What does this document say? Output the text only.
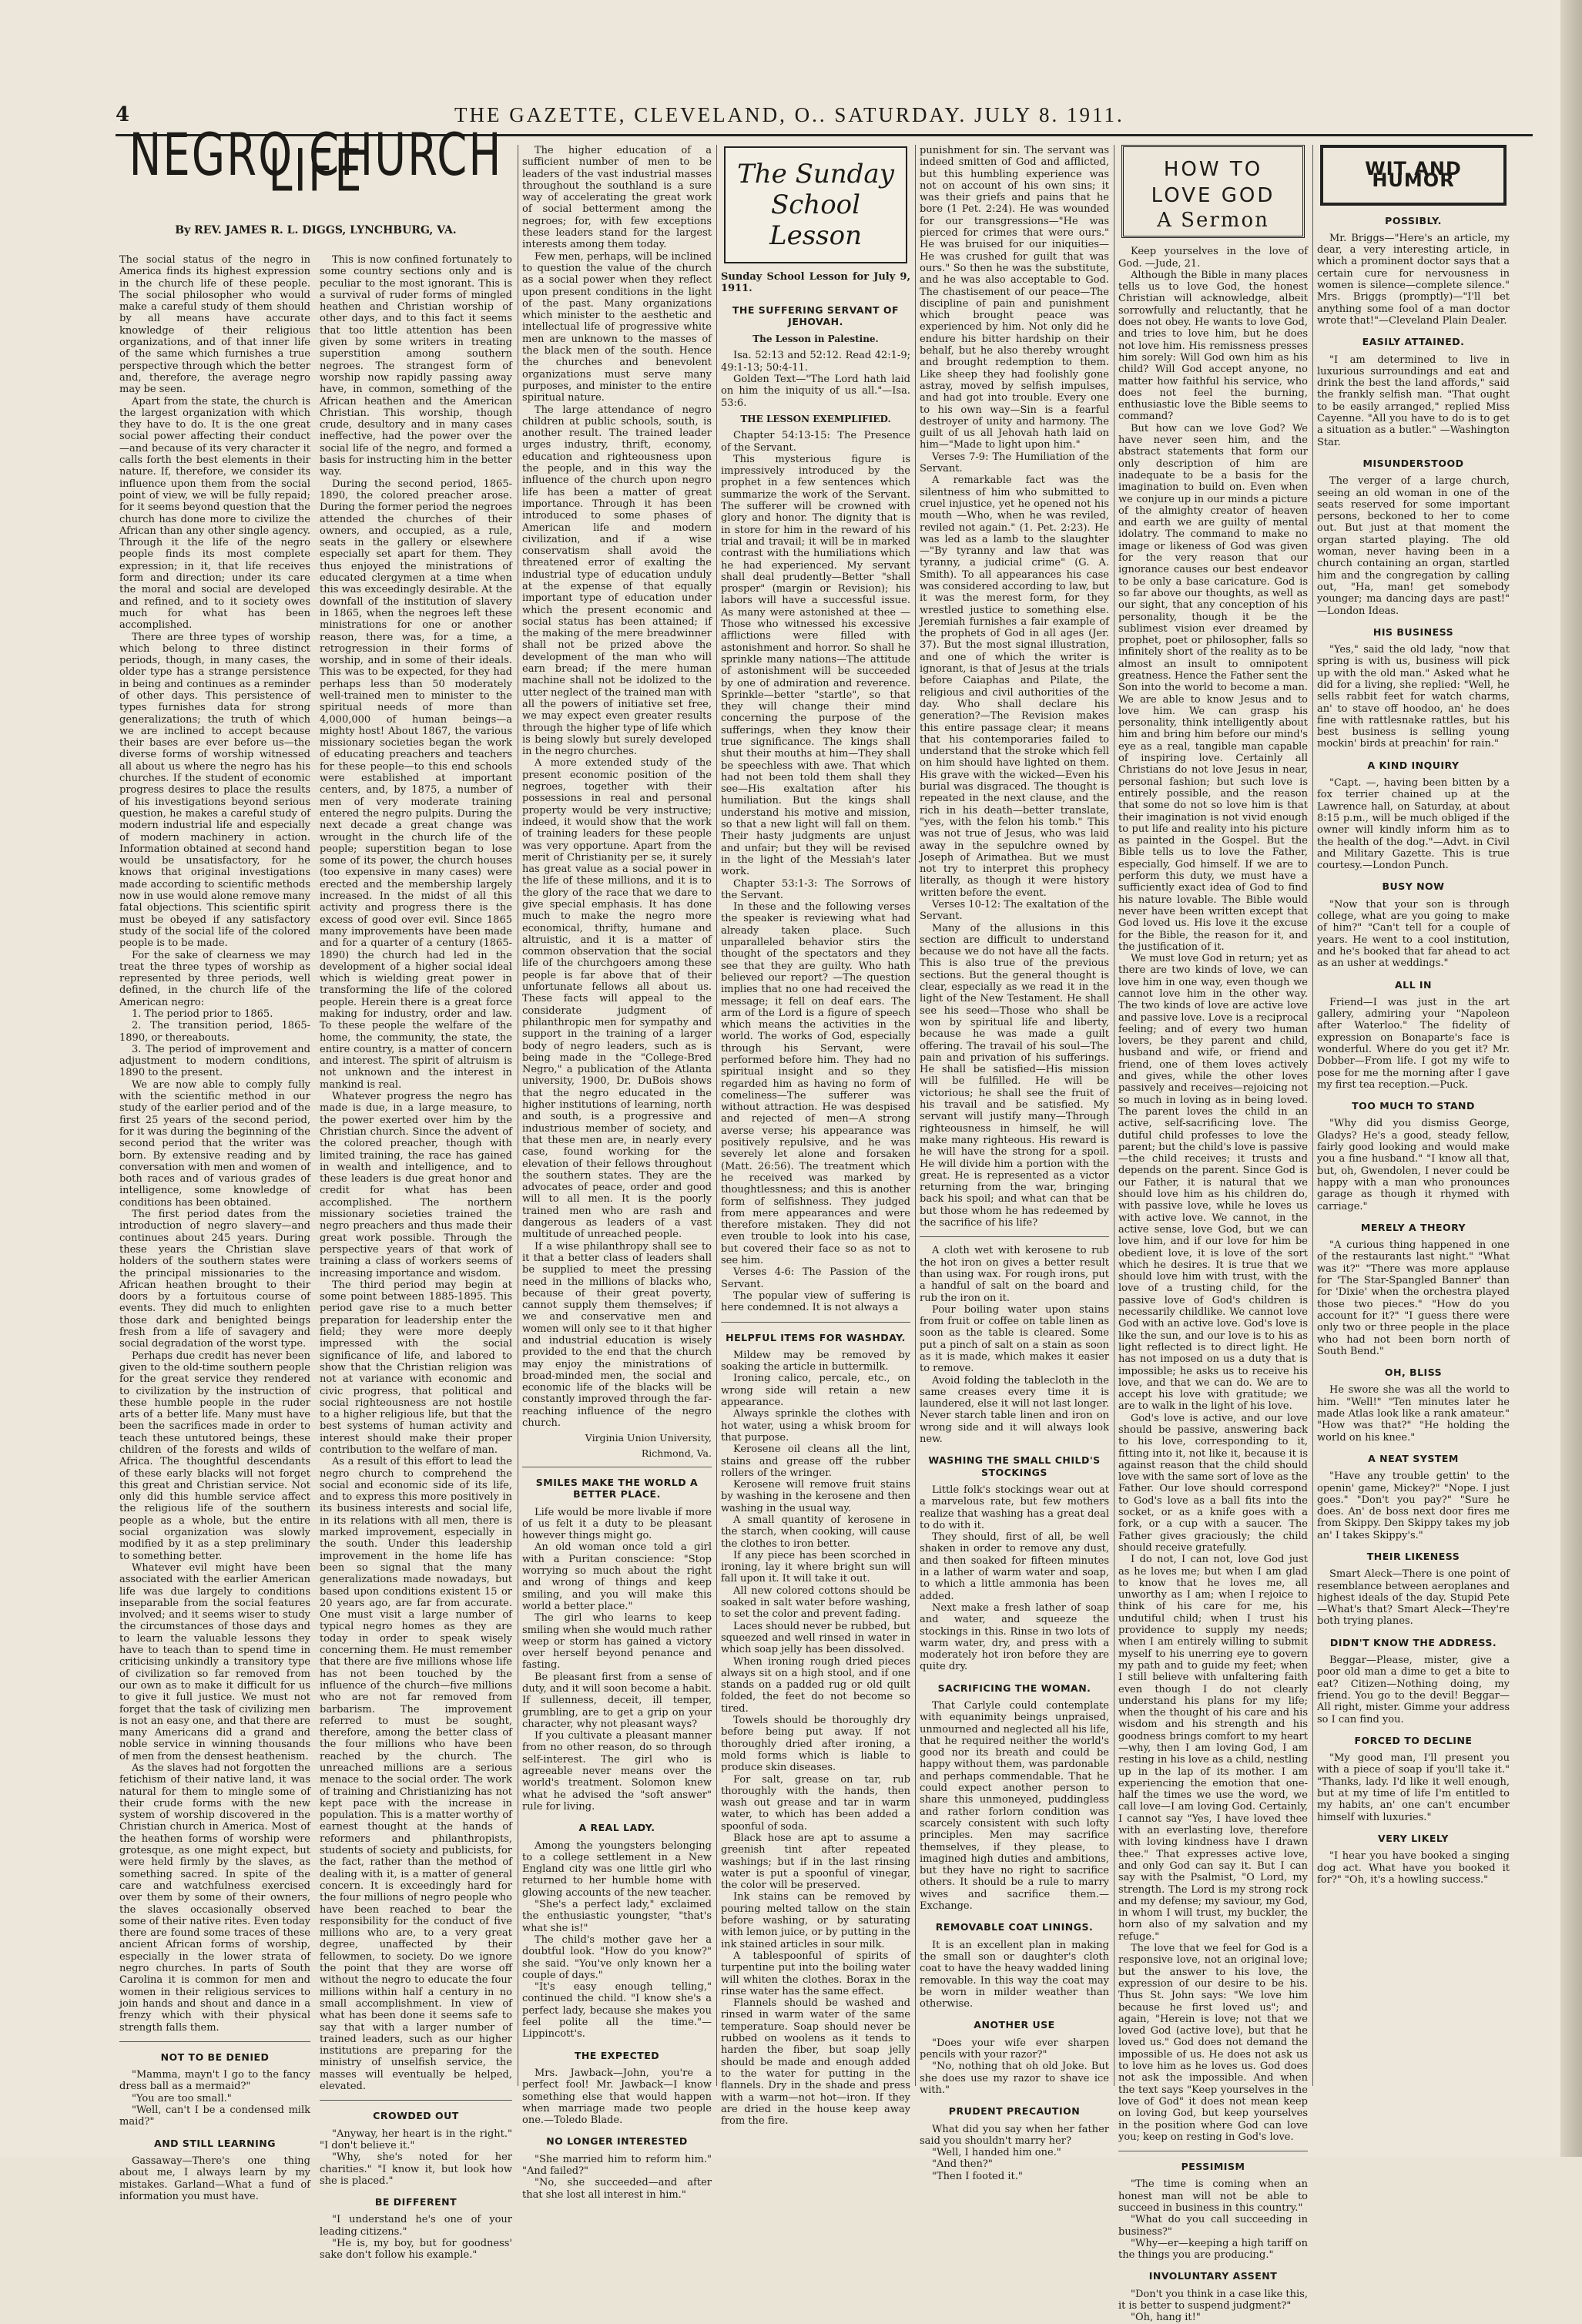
4	THE GAZETTE, CLEVELAND, O.. SATURDAY. JULY 8. 1911.
NEGRO CHURCH LIFE
By REV. JAMES R. L. DIGGS, LYNCHBURG, VA.

The social status of the negro in America finds its highest expression in the church life of these people. The social philosopher who would make a careful study of them should by all means have accurate knowledge of their religious organizations, and of that inner life of the same which furnishes a true perspective through which the better and, therefore, the average negro may be seen.

Apart from the state, the church is the largest organization with which they have to do. It is the one great social power affecting their conduct—and because of its very character it calls forth the best elements in their nature. If, therefore, we consider its influence upon them from the social point of view, we will be fully repaid; for it seems beyond question that the church has done more to civilize the African than any other single agency. Through it the life of the negro people finds its most complete expression; in it, that life receives form and direction; under its care the moral and social are developed and refined, and to it society owes much for what has been accomplished.

There are three types of worship which belong to three distinct periods, though, in many cases, the older type has a strange persistence in being and continues as a reminder of other days. This persistence of types furnishes data for strong generalizations; the truth of which we are inclined to accept because their bases are ever before us—the diverse forms of worship witnessed all about us where the negro has his churches. If the student of economic progress desires to place the results of his investigations beyond serious question, he makes a careful study of modern industrial life and especially of modern machinery in action. Information obtained at second hand would be unsatisfactory, for he knows that original investigations made according to scientific methods now in use would alone remove many fatal objections. This scientific spirit must be obeyed if any satisfactory study of the social life of the colored people is to be made.

For the sake of clearness we may treat the three types of worship as represented by three periods, well defined, in the church life of the American negro:

1. The period prior to 1865.

2. The transition period, 1865-1890, or thereabouts.

3. The period of improvement and adjustment to modern conditions, 1890 to the present.

We are now able to comply fully with the scientific method in our study of the earlier period and of the first 25 years of the second period, for it was during the beginning of the second period that the writer was born. By extensive reading and by conversation with men and women of both races and of various grades of intelligence, some knowledge of conditions has been obtained.

The first period dates from the introduction of negro slavery—and continues about 245 years. During these years the Christian slave holders of the southern states were the principal missionaries to the African heathen brought to their doors by a fortuitous course of events. They did much to enlighten those dark and benighted beings fresh from a life of savagery and social degradation of the worst type.

Perhaps due credit has never been given to the old-time southern people for the great service they rendered to civilization by the instruction of these humble people in the ruder arts of a better life. Many must have been the sacrifices made in order to teach these untutored beings, these children of the forests and wilds of Africa. The thoughtful descendants of these early blacks will not forget this great and Christian service. Not only did this humble service affect the religious life of the southern people as a whole, but the entire social organization was slowly modified by it as a step preliminary to something better.

Whatever evil might have been associated with the earlier American life was due largely to conditions inseparable from the social features involved; and it seems wiser to study the circumstances of those days and to learn the valuable lessons they have to teach than to spend time in criticising unkindly a transitory type of civilization so far removed from our own as to make it difficult for us to give it full justice. We must not forget that the task of civilizing men is not an easy one, and that there are many Americans did a grand and noble service in winning thousands of men from the densest heathenism.

As the slaves had not forgotten the fetichism of their native land, it was natural for them to mingle some of their crude forms with the new system of worship discovered in the Christian church in America. Most of the heathen forms of worship were grotesque, as one might expect, but were held firmly by the slaves, as something sacred. In spite of the care and watchfulness exercised over them by some of their owners, the slaves occasionally observed some of their native rites. Even today there are found some traces of these ancient African forms of worship, especially in the lower strata of negro churches. In parts of South Carolina it is common for men and women in their religious services to join hands and shout and dance in a frenzy which with their physical strength falls them.

NOT TO BE DENIED

"Mamma, mayn't I go to the fancy dress ball as a mermaid?"

"You are too small."

"Well, can't I be a condensed milk maid?"

AND STILL LEARNING

Gassaway—There's one thing about me, I always learn by my mistakes. Garland—What a fund of information you must have.

This is now confined fortunately to some country sections only and is peculiar to the most ignorant. This is a survival of ruder forms of mingled heathen and Christian worship of other days, and to this fact it seems that too little attention has been given by some writers in treating superstition among southern negroes. The strangest form of worship now rapidly passing away have, in common, something of the African heathen and the American Christian. This worship, though crude, desultory and in many cases ineffective, had the power over the social life of the negro, and formed a basis for instructing him in the better way.

During the second period, 1865-1890, the colored preacher arose. During the former period the negroes attended the churches of their owners, and occupied, as a rule, seats in the gallery or elsewhere especially set apart for them. They thus enjoyed the ministrations of educated clergymen at a time when this was exceedingly desirable. At the downfall of the institution of slavery in 1865, when the negroes left these ministrations for one or another reason, there was, for a time, a retrogression in their forms of worship, and in some of their ideals. This was to be expected, for they had perhaps less than 50 moderately well-trained men to minister to the spiritual needs of more than 4,000,000 of human beings—a mighty host! About 1867, the various missionary societies began the work of educating preachers and teachers for these people—to this end schools were established at important centers, and, by 1875, a number of men of very moderate training entered the negro pulpits. During the next decade a great change was wrought in the church life of the people; superstition began to lose some of its power, the church houses (too expensive in many cases) were erected and the membership largely increased. In the midst of all this activity and progress there is the excess of good over evil. Since 1865 many improvements have been made and for a quarter of a century (1865-1890) the church had led in the development of a higher social ideal which is wielding great power in transforming the life of the colored people. Herein there is a great force making for industry, order and law. To these people the welfare of the home, the community, the state, the entire country, is a matter of concern and interest. The spirit of altruism is not unknown and the interest in mankind is real.

Whatever progress the negro has made is due, in a large measure, to the power exerted over him by the Christian church. Since the advent of the colored preacher, though with limited training, the race has gained in wealth and intelligence, and to these leaders is due great honor and credit for what has been accomplished. The northern missionary societies trained the negro preachers and thus made their great work possible. Through the perspective years of that work of training a class of workers seems of increasing importance and wisdom.

The third period may begin at some point between 1885-1895. This period gave rise to a much better preparation for leadership enter the field; they were more deeply impressed with the social significance of life, and labored to show that the Christian religion was not at variance with economic and civic progress, that political and social righteousness are not hostile to a higher religious life, but that the best systems of human activity and interest should make their proper contribution to the welfare of man.

As a result of this effort to lead the negro church to comprehend the social and economic side of its life, and to express this more positively in its business interests and social life, in its relations with all men, there is marked improvement, especially in the south. Under this leadership improvement in the home life has been so signal that the many generalizations made nowadays, but based upon conditions existent 15 or 20 years ago, are far from accurate. One must visit a large number of typical negro homes as they are today in order to speak wisely concerning them. He must remember that there are five millions whose life has not been touched by the influence of the church—five millions who are not far removed from barbarism. The improvement referred to must be sought, therefore, among the better class of the four millions who have been reached by the church. The unreached millions are a serious menace to the social order. The work of training and Christianizing has not kept pace with the increase in population. This is a matter worthy of earnest thought at the hands of reformers and philanthropists, students of society and publicists, for the fact, rather than the method of dealing with it, is a matter of general concern. It is exceedingly hard for the four millions of negro people who have been reached to bear the responsibility for the conduct of five millions who are, to a very great degree, unaffected by their fellowmen, to society. Do we ignore the point that they are worse off without the negro to educate the four millions within half a century in no small accomplishment. In view of what has been done it seems safe to say that with a larger number of trained leaders, such as our higher institutions are preparing for the ministry of unselfish service, the masses will eventually be helped, elevated.

CROWDED OUT

"Anyway, her heart is in the right." "I don't believe it."

"Why, she's noted for her charities." "I know it, but look how she is placed."

BE DIFFERENT

"I understand he's one of your leading citizens."

"He is, my boy, but for goodness' sake don't follow his example."

The higher education of a sufficient number of men to be leaders of the vast industrial masses throughout the southland is a sure way of accelerating the great work of social betterment among the negroes; for, with few exceptions these leaders stand for the largest interests among them today.

Few men, perhaps, will be inclined to question the value of the church as a social power when they reflect upon present conditions in the light of the past. Many organizations which minister to the aesthetic and intellectual life of progressive white men are unknown to the masses of the black men of the south. Hence the churches and benevolent organizations must serve many purposes, and minister to the entire spiritual nature.

The large attendance of negro children at public schools, south, is another result. The trained leader urges industry, thrift, economy, education and righteousness upon the people, and in this way the influence of the church upon negro life has been a matter of great importance. Through it has been introduced to some phases of American life and modern civilization, and if a wise conservatism shall avoid the threatened error of exalting the industrial type of education unduly at the expense of that equally important type of education under which the present economic and social status has been attained; if the making of the mere breadwinner shall not be prized above the development of the man who will earn bread; if the mere human machine shall not be idolized to the utter neglect of the trained man with all the powers of initiative set free, we may expect even greater results through the higher type of life which is being slowly but surely developed in the negro churches.

A more extended study of the present economic position of the negroes, together with their possessions in real and personal property would be very instructive; indeed, it would show that the work of training leaders for these people was very opportune. Apart from the merit of Christianity per se, it surely has great value as a social power in the life of these millions, and it is to the glory of the race that we dare to give special emphasis. It has done much to make the negro more economical, thrifty, humane and altruistic, and it is a matter of common observation that the social life of the churchgoers among these people is far above that of their unfortunate fellows all about us. These facts will appeal to the considerate judgment of philanthropic men for sympathy and support in the training of a larger body of negro leaders, such as is being made in the "College-Bred Negro," a publication of the Atlanta university, 1900, Dr. DuBois shows that the negro educated in the higher institutions of learning, north and south, is a progressive and industrious member of society, and that these men are, in nearly every case, found working for the elevation of their fellows throughout the southern states. They are the advocates of peace, order and good will to all men. It is the poorly trained men who are rash and dangerous as leaders of a vast multitude of unreached people.

If a wise philanthropy shall see to it that a better class of leaders shall be supplied to meet the pressing need in the millions of blacks who, because of their great poverty, cannot supply them themselves; if we and conservative men and women will only see to it that higher and industrial education is wisely provided to the end that the church may enjoy the ministrations of broad-minded men, the social and economic life of the blacks will be constantly improved through the far-reaching influence of the negro church.

Virginia Union University,
Richmond, Va.
SMILES MAKE THE WORLD A BETTER PLACE.

Life would be more livable if more of us felt it a duty to be pleasant however things might go.

An old woman once told a girl with a Puritan conscience: "Stop worrying so much about the right and wrong of things and keep smiling, and you will make this world a better place."

The girl who learns to keep smiling when she would much rather weep or storm has gained a victory over herself beyond penance and fasting.

Be pleasant first from a sense of duty, and it will soon become a habit. If sullenness, deceit, ill temper, grumbling, are to get a grip on your character, why not pleasant ways?

If you cultivate a pleasant manner from no other reason, do so through self-interest. The girl who is agreeable never means over the world's treatment. Solomon knew what he advised the "soft answer" rule for living.

A REAL LADY.

Among the youngsters belonging to a college settlement in a New England city was one little girl who returned to her humble home with glowing accounts of the new teacher.

"She's a perfect lady," exclaimed the enthusiastic youngster, "that's what she is!"

The child's mother gave her a doubtful look. "How do you know?" she said. "You've only known her a couple of days."

"It's easy enough telling," continued the child. "I know she's a perfect lady, because she makes you feel polite all the time."—Lippincott's.

THE EXPECTED

Mrs. Jawback—John, you're a perfect fool! Mr. Jawback—I know something else that would happen when marriage made two people one.—Toledo Blade.

NO LONGER INTERESTED

"She married him to reform him." "And failed?"

"No, she succeeded—and after that she lost all interest in him."

The Sunday School Lesson

Sunday School Lesson for July 9, 1911.

THE SUFFERING SERVANT OF JEHOVAH.
The Lesson in Palestine.

Isa. 52:13 and 52:12. Read 42:1-9; 49:1-13; 50:4-11.

Golden Text—"The Lord hath laid on him the iniquity of us all."—Isa. 53:6.

THE LESSON EXEMPLIFIED.

Chapter 54:13-15: The Presence of the Servant.

This mysterious figure is impressively introduced by the prophet in a few sentences which summarize the work of the Servant. The sufferer will be crowned with glory and honor. The dignity that is in store for him in the reward of his trial and travail; it will be in marked contrast with the humiliations which he had experienced. My servant shall deal prudently—Better "shall prosper" (margin or Revision); his labors will have a successful issue. As many were astonished at thee —Those who witnessed his excessive afflictions were filled with astonishment and horror. So shall he sprinkle many nations—The attitude of astonishment will be succeeded by one of admiration and reverence. Sprinkle—better "startle", so that they will change their mind concerning the purpose of the sufferings, when they know their true significance. The kings shall shut their mouths at him—They shall be speechless with awe. That which had not been told them shall they see—His exaltation after his humiliation. But the kings shall understand his motive and mission, so that a new light will fall on them. Their hasty judgments are unjust and unfair; but they will be revised in the light of the Messiah's later work.

Chapter 53:1-3: The Sorrows of the Servant.

In these and the following verses the speaker is reviewing what had already taken place. Such unparalleled behavior stirs the thought of the spectators and they see that they are guilty. Who hath believed our report? —The question implies that no one had received the message; it fell on deaf ears. The arm of the Lord is a figure of speech which means the activities in the world. The works of God, especially through his Servant, were performed before him. They had no spiritual insight and so they regarded him as having no form of comeliness—The sufferer was without attraction. He was despised and rejected of men—A strong averse verse; his appearance was positively repulsive, and he was severely let alone and forsaken (Matt. 26:56). The treatment which he received was marked by thoughtlessness; and this is another form of selfishness. They judged from mere appearances and were therefore mistaken. They did not even trouble to look into his case, but covered their face so as not to see him.

Verses 4-6: The Passion of the Servant.

The popular view of suffering is here condemned. It is not always a

HELPFUL ITEMS FOR WASHDAY.

Mildew may be removed by soaking the article in buttermilk.

Ironing calico, percale, etc., on wrong side will retain a new appearance.

Always sprinkle the clothes with hot water, using a whisk broom for that purpose.

Kerosene oil cleans all the lint, stains and grease off the rubber rollers of the wringer.

Kerosene will remove fruit stains by washing in the kerosene and then washing in the usual way.

A small quantity of kerosene in the starch, when cooking, will cause the clothes to iron better.

If any piece has been scorched in ironing, lay it where bright sun will fall upon it. It will take it out.

All new colored cottons should be soaked in salt water before washing, to set the color and prevent fading.

Laces should never be rubbed, but squeezed and well rinsed in water in which soap jelly has been dissolved.

When ironing rough dried pieces always sit on a high stool, and if one stands on a padded rug or old quilt folded, the feet do not become so tired.

Towels should be thoroughly dry before being put away. If not thoroughly dried after ironing, a mold forms which is liable to produce skin diseases.

For salt, grease on tar, rub thoroughly with the hands, then wash out grease and tar in warm water, to which has been added a spoonful of soda.

Black hose are apt to assume a greenish tint after repeated washings; but if in the last rinsing water is put a spoonful of vinegar, the color will be preserved.

Ink stains can be removed by pouring melted tallow on the stain before washing, or by saturating with lemon juice, or by putting in the ink stained articles in sour milk.

A tablespoonful of spirits of turpentine put into the boiling water will whiten the clothes. Borax in the rinse water has the same effect.

Flannels should be washed and rinsed in warm water of the same temperature. Soap should never be rubbed on woolens as it tends to harden the fiber, but soap jelly should be made and enough added to the water for putting in the flannels. Dry in the shade and press with a warm—not hot—iron. If they are dried in the house keep away from the fire.

punishment for sin. The servant was indeed smitten of God and afflicted, but this humbling experience was not on account of his own sins; it was their griefs and pains that he bore (1 Pet. 2:24). He was wounded for our transgressions—"He was pierced for crimes that were ours." He was bruised for our iniquities—He was crushed for guilt that was ours." So then he was the substitute, and he was also acceptable to God. The chastisement of our peace—The discipline of pain and punishment which brought peace was experienced by him. Not only did he endure his bitter hardship on their behalf, but he also thereby wrought and brought redemption to them. Like sheep they had foolishly gone astray, moved by selfish impulses, and had got into trouble. Every one to his own way—Sin is a fearful destroyer of unity and harmony. The guilt of us all Jehovah hath laid on him—"Made to light upon him."

Verses 7-9: The Humiliation of the Servant.

A remarkable fact was the silentness of him who submitted to cruel injustice, yet he opened not his mouth —Who, when he was reviled, reviled not again." (1. Pet. 2:23). He was led as a lamb to the slaughter —"By tyranny and law that was tyranny, a judicial crime" (G. A. Smith). To all appearances his case was considered according to law, but it was the merest form, for they wrestled justice to something else. Jeremiah furnishes a fair example of the prophets of God in all ages (Jer. 37). But the most signal illustration, and one of which the writer is ignorant, is that of Jesus at the trials before Caiaphas and Pilate, the religious and civil authorities of the day. Who shall declare his generation?—The Revision makes this entire passage clear; it means that his contemporaries failed to understand that the stroke which fell on him should have lighted on them. His grave with the wicked—Even his burial was disgraced. The thought is repeated in the next clause, and the rich in his death—better translate, "yes, with the felon his tomb." This was not true of Jesus, who was laid away in the sepulchre owned by Joseph of Arimathea. But we must not try to interpret this prophecy literally, as though it were history written before the event.

Verses 10-12: The exaltation of the Servant.

Many of the allusions in this section are difficult to understand because we do not have all the facts. This is also true of the previous sections. But the general thought is clear, especially as we read it in the light of the New Testament. He shall see his seed—Those who shall be won by spiritual life and liberty, because he was made a guilt offering. The travail of his soul—The pain and privation of his sufferings. He shall be satisfied—His mission will be fulfilled. He will be victorious; he shall see the fruit of his travail and be satisfied. My servant will justify many—Through righteousness in himself, he will make many righteous. His reward is he will have the strong for a spoil. He will divide him a portion with the great. He is represented as a victor returning from the war, bringing back his spoil; and what can that be but those whom he has redeemed by the sacrifice of his life?

A cloth wet with kerosene to rub the hot iron on gives a better result than using wax. For rough irons, put a handful of salt on the board and rub the iron on it.

Pour boiling water upon stains from fruit or coffee on table linen as soon as the table is cleared. Some put a pinch of salt on a stain as soon as it is made, which makes it easier to remove.

Avoid folding the tablecloth in the same creases every time it is laundered, else it will not last longer. Never starch table linen and iron on wrong side and it will always look new.

WASHING THE SMALL CHILD'S STOCKINGS

Little folk's stockings wear out at a marvelous rate, but few mothers realize that washing has a great deal to do with it.

They should, first of all, be well shaken in order to remove any dust, and then soaked for fifteen minutes in a lather of warm water and soap, to which a little ammonia has been added.

Next make a fresh lather of soap and water, and squeeze the stockings in this. Rinse in two lots of warm water, dry, and press with a moderately hot iron before they are quite dry.

SACRIFICING THE WOMAN.

That Carlyle could contemplate with equanimity beings unpraised, unmourned and neglected all his life, that he required neither the world's good nor its breath and could be happy without them, was pardonable and perhaps commendable. That he could expect another person to share this unmoneyed, puddingless and rather forlorn condition was scarcely consistent with such lofty principles. Men may sacrifice themselves, if they please, to imagined high duties and ambitions, but they have no right to sacrifice others. It should be a rule to marry wives and sacrifice them.—Exchange.

REMOVABLE COAT LININGS.

It is an excellent plan in making the small son or daughter's cloth coat to have the heavy wadded lining removable. In this way the coat may be worn in milder weather than otherwise.

ANOTHER USE

"Does your wife ever sharpen pencils with your razor?"

"No, nothing that oh old Joke. But she does use my razor to shave ice with."

PRUDENT PRECAUTION

What did you say when her father said you shouldn't marry her?

"Well, I handed him one."

"And then?"

"Then I footed it."

HOW TO
LOVE GOD
A Sermon

Keep yourselves in the love of God. —Jude, 21.

Although the Bible in many places tells us to love God, the honest Christian will acknowledge, albeit sorrowfully and reluctantly, that he does not obey. He wants to love God, and tries to love him, but he does not love him. His remissness presses him sorely: Will God own him as his child? Will God accept anyone, no matter how faithful his service, who does not feel the burning, enthusiastic love the Bible seems to command?

But how can we love God? We have never seen him, and the abstract statements that form our only description of him are inadequate to be a basis for the imagination to build on. Even when we conjure up in our minds a picture of the almighty creator of heaven and earth we are guilty of mental idolatry. The command to make no image or likeness of God was given for the very reason that our ignorance causes our best endeavor to be only a base caricature. God is so far above our thoughts, as well as our sight, that any conception of his personality, though it be the sublimest vision ever dreamed by prophet, poet or philosopher, falls so infinitely short of the reality as to be almost an insult to omnipotent greatness. Hence the Father sent the Son into the world to become a man. We are able to know Jesus and to love him. We can grasp his personality, think intelligently about him and bring him before our mind's eye as a real, tangible man capable of inspiring love. Certainly all Christians do not love Jesus in near, personal fashion; but such love is entirely possible, and the reason that some do not so love him is that their imagination is not vivid enough to put life and reality into his picture as painted in the Gospel. But the Bible tells us to love the Father, especially, God himself. If we are to perform this duty, we must have a sufficiently exact idea of God to find his nature lovable. The Bible would never have been written except that God loved us. His love it the excuse for the Bible, the reason for it, and the justification of it.

We must love God in return; yet as there are two kinds of love, we can love him in one way, even though we cannot love him in the other way. The two kinds of love are active love and passive love. Love is a reciprocal feeling; and of every two human lovers, be they parent and child, husband and wife, or friend and friend, one of them loves actively and gives, while the other loves passively and receives—rejoicing not so much in loving as in being loved. The parent loves the child in an active, self-sacrificing love. The dutiful child professes to love the parent; but the child's love is passive—the child receives; it trusts and depends on the parent. Since God is our Father, it is natural that we should love him as his children do, with passive love, while he loves us with active love. We cannot, in the active sense, love God, but we can love him, and if our love for him be obedient love, it is love of the sort which he desires. It is true that we should love him with trust, with the love of a trusting child, for the passive love of God's children is necessarily childlike. We cannot love God with an active love. God's love is like the sun, and our love is to his as light reflected is to direct light. He has not imposed on us a duty that is impossible; he asks us to receive his love, and that we can do. We are to accept his love with gratitude; we are to walk in the light of his love.

God's love is active, and our love should be passive, answering back to his love, corresponding to it, fitting into it, not like it, because it is against reason that the child should love with the same sort of love as the Father. Our love should correspond to God's love as a ball fits into the socket, or as a knife goes with a fork, or a cup with a saucer. The Father gives graciously; the child should receive gratefully.

I do not, I can not, love God just as he loves me; but when I am glad to know that he loves me, all unworthy as I am; when I rejoice to think of his care for me, his undutiful child; when I trust his providence to supply my needs; when I am entirely willing to submit myself to his unerring eye to govern my path and to guide my feet; when I still believe with unfaltering faith even though I do not clearly understand his plans for my life; when the thought of his care and his wisdom and his strength and his goodness brings comfort to my heart—why, then I am loving God, I am resting in his love as a child, nestling up in the lap of its mother. I am experiencing the emotion that one-half the times we use the word, we call love—I am loving God. Certainly, I cannot say "Yes, I have loved thee with an everlasting love, therefore with loving kindness have I drawn thee." That expresses active love, and only God can say it. But I can say with the Psalmist, "O Lord, my strength. The Lord is my strong rock and my defense; my saviour, my God, in whom I will trust, my buckler, the horn also of my salvation and my refuge."

The love that we feel for God is a responsive love, not an original love; but the answer to his love, the expression of our desire to be his. Thus St. John says: "We love him because he first loved us"; and again, "Herein is love; not that we loved God (active love), but that he loved us." God does not demand the impossible of us. He does not ask us to love him as he loves us. God does not ask the impossible. And when the text says "Keep yourselves in the love of God" it does not mean keep on loving God, but keep yourselves in the position where God can love you; keep on resting in God's love.

PESSIMISM

"The time is coming when an honest man will not be able to succeed in business in this country."

"What do you call succeeding in business?"

"Why—er—keeping a high tariff on the things you are producing."

INVOLUNTARY ASSENT

"Don't you think in a case like this, it is better to suspend judgment?"

"Oh, hang it!"

WIT AND HUMOR
POSSIBLY.

Mr. Briggs—"Here's an article, my dear, a very interesting article, in which a prominent doctor says that a certain cure for nervousness in women is silence—complete silence." Mrs. Briggs (promptly)—"I'll bet anything some fool of a man doctor wrote that!"—Cleveland Plain Dealer.

EASILY ATTAINED.

"I am determined to live in luxurious surroundings and eat and drink the best the land affords," said the frankly selfish man. "That ought to be easily arranged," replied Miss Cayenne. "All you have to do is to get a situation as a butler." —Washington Star.

MISUNDERSTOOD

The verger of a large church, seeing an old woman in one of the seats reserved for some important persons, beckoned to her to come out. But just at that moment the organ started playing. The old woman, never having been in a church containing an organ, startled him and the congregation by calling out, "Ha, man! get somebody younger; ma dancing days are past!" —London Ideas.

HIS BUSINESS

"Yes," said the old lady, "now that spring is with us, business will pick up with the old man." Asked what he did for a living, she replied: "Well, he sells rabbit feet for watch charms, an' to stave off hoodoo, an' he does fine with rattlesnake rattles, but his best business is selling young mockin' birds at preachin' for rain."

A KIND INQUIRY

"Capt. —, having been bitten by a fox terrier chained up at the Lawrence hall, on Saturday, at about 8:15 p.m., will be much obliged if the owner will kindly inform him as to the health of the dog."—Advt. in Civil and Military Gazette. This is true courtesy.—London Punch.

BUSY NOW

"Now that your son is through college, what are you going to make of him?" "Can't tell for a couple of years. He went to a cool institution, and he's booked that far ahead to act as an usher at weddings."

ALL IN

Friend—I was just in the art gallery, admiring your "Napoleon after Waterloo." The fidelity of expression on Bonaparte's face is wonderful. Where do you get it? Mr. Dobber—From life. I got my wife to pose for me the morning after I gave my first tea reception.—Puck.

TOO MUCH TO STAND

"Why did you dismiss George, Gladys? He's a good, steady fellow, fairly good looking and would make you a fine husband." "I know all that, but, oh, Gwendolen, I never could be happy with a man who pronounces garage as though it rhymed with carriage."

MERELY A THEORY

"A curious thing happened in one of the restaurants last night." "What was it?" "There was more applause for 'The Star-Spangled Banner' than for 'Dixie' when the orchestra played those two pieces." "How do you account for it?" "I guess there were only two or three people in the place who had not been born north of South Bend."

OH, BLISS

He swore she was all the world to him. "Well!" "Ten minutes later he made Atlas look like a rank amateur." "How was that?" "He holding the world on his knee."

A NEAT SYSTEM

"Have any trouble gettin' to the openin' game, Mickey?" "Nope. I just goes." "Don't you pay?" "Sure he does. An' de boss next door fires me from Skippy. Den Skippy takes my job an' I takes Skippy's."

THEIR LIKENESS

Smart Aleck—There is one point of resemblance between aeroplanes and highest ideals of the day. Stupid Pete—What's that? Smart Aleck—They're both trying planes.

DIDN'T KNOW THE ADDRESS.

Beggar—Please, mister, give a poor old man a dime to get a bite to eat? Citizen—Nothing doing, my friend. You go to the devil! Beggar—All right, mister. Gimme your address so I can find you.

FORCED TO DECLINE

"My good man, I'll present you with a piece of soap if you'll take it." "Thanks, lady. I'd like it well enough, but at my time of life I'm entitled to my habits, an' one can't encumber himself with luxuries."

VERY LIKELY

"I hear you have booked a singing dog act. What have you booked it for?" "Oh, it's a howling success."
